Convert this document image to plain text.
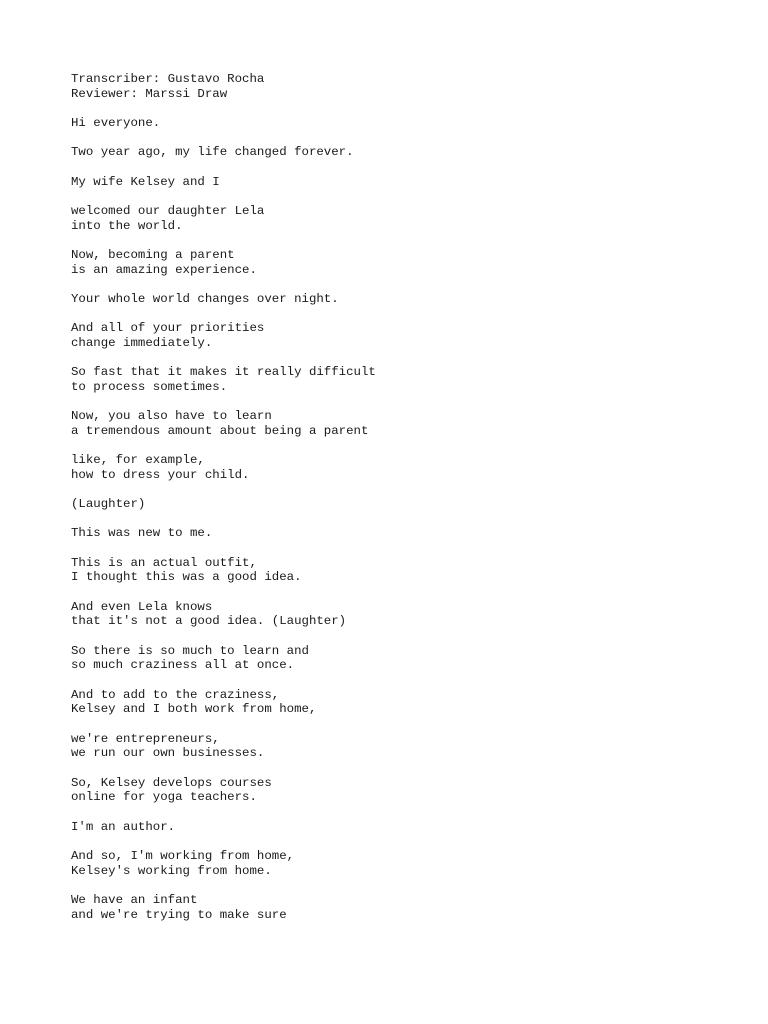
Transcriber: Gustavo Rocha
Reviewer: Marssi Draw
Hi everyone.
Two year ago, my life changed forever.
My wife Kelsey and I
welcomed our daughter Lela
into the world.
Now, becoming a parent
is an amazing experience.
Your whole world changes over night.
And all of your priorities
change immediately.
So fast that it makes it really difficult
to process sometimes.
Now, you also have to learn
a tremendous amount about being a parent
like, for example,
how to dress your child.
(Laughter)
This was new to me.
This is an actual outfit,
I thought this was a good idea.
And even Lela knows
that it's not a good idea. (Laughter)
So there is so much to learn and
so much craziness all at once.
And to add to the craziness,
Kelsey and I both work from home,
we're entrepreneurs,
we run our own businesses.
So, Kelsey develops courses
online for yoga teachers.
I'm an author.
And so, I'm working from home,
Kelsey's working from home.
We have an infant
and we're trying to make sure
